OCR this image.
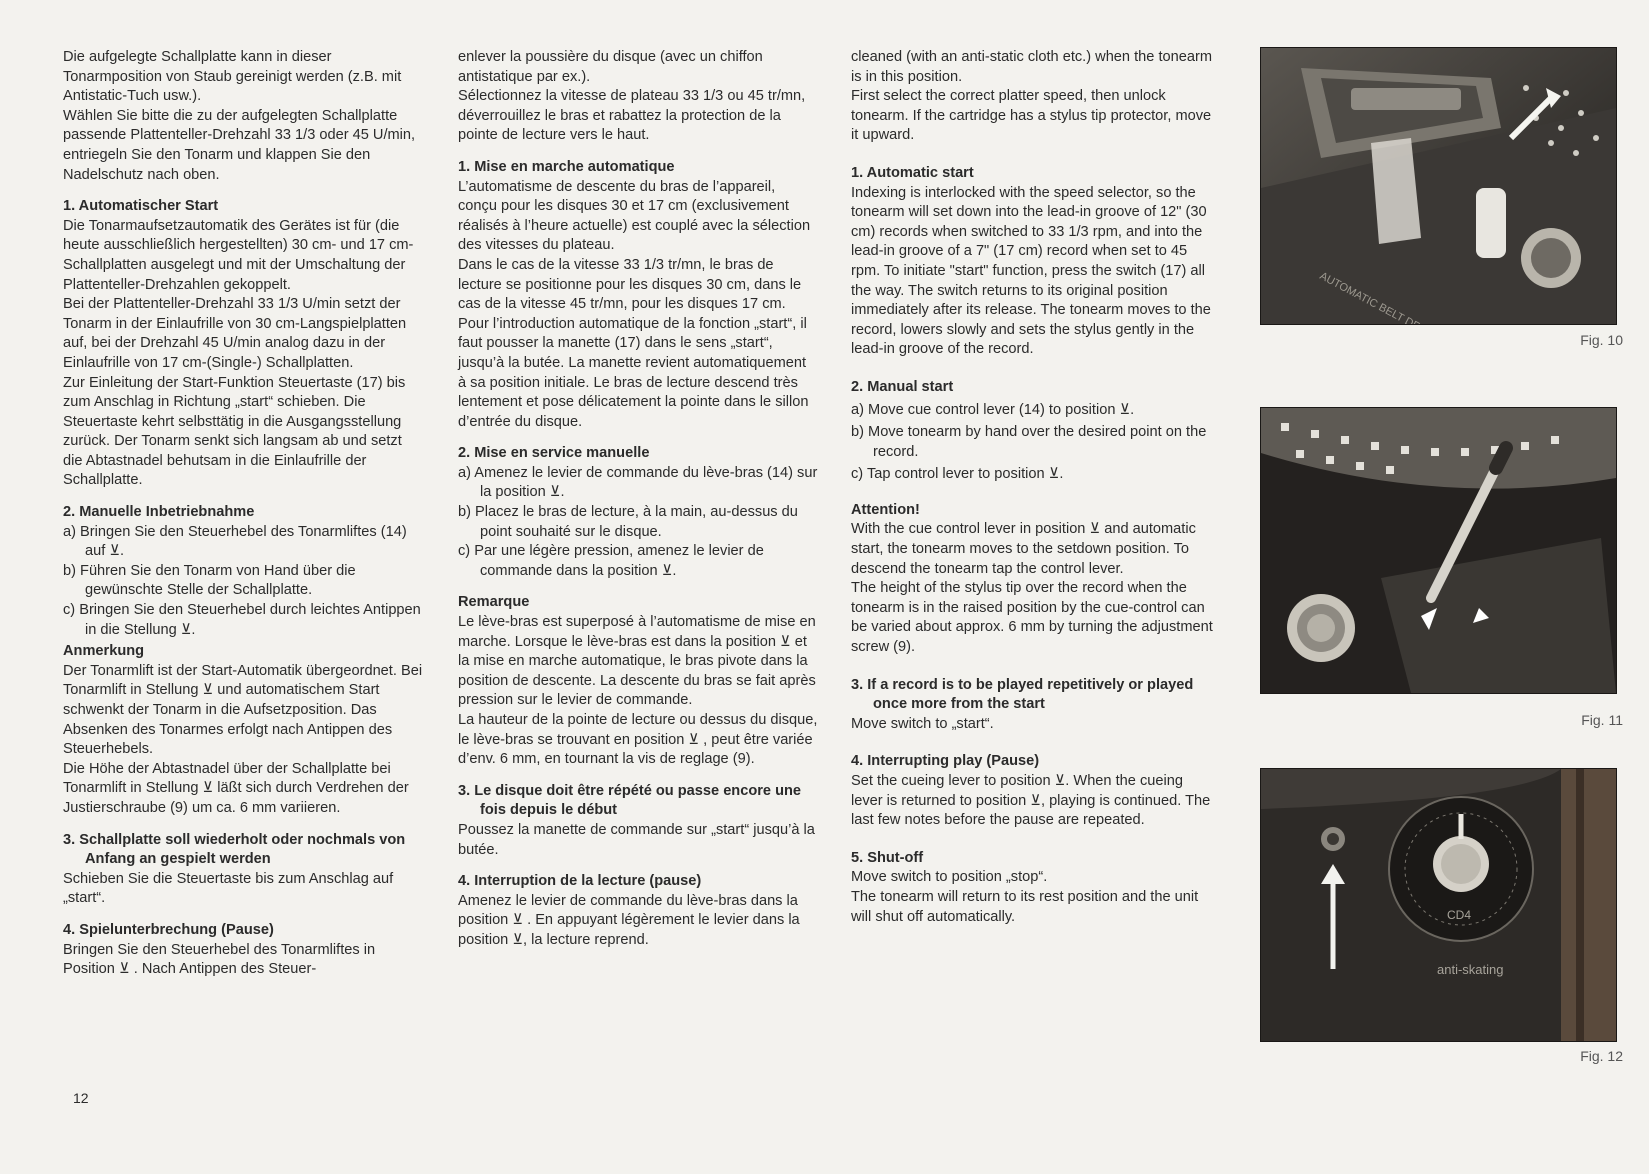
Die aufgelegte Schallplatte kann in dieser Tonarmposition von Staub gereinigt werden (z.B. mit Antistatic-Tuch usw.).

Wählen Sie bitte die zu der aufgelegten Schallplatte passende Plattenteller-Drehzahl 33 1/3 oder 45 U/min, entriegeln Sie den Tonarm und klappen Sie den Nadelschutz nach oben.

1. Automatischer Start

Die Tonarmaufsetzautomatik des Gerätes ist für (die heute ausschließlich hergestellten) 30 cm- und 17 cm-Schallplatten ausgelegt und mit der Umschaltung der Plattenteller-Drehzahlen gekoppelt.

Bei der Plattenteller-Drehzahl 33 1/3 U/min setzt der Tonarm in der Einlaufrille von 30 cm-Langspielplatten auf, bei der Drehzahl 45 U/min analog dazu in der Einlaufrille von 17 cm-(Single-) Schallplatten.

Zur Einleitung der Start-Funktion Steuertaste (17) bis zum Anschlag in Richtung „start“ schieben. Die Steuertaste kehrt selbsttätig in die Ausgangsstellung zurück. Der Tonarm senkt sich langsam ab und setzt die Abtastnadel behutsam in die Einlaufrille der Schallplatte.

2. Manuelle Inbetriebnahme

a) Bringen Sie den Steuerhebel des Tonarmliftes (14) auf ⊻.

b) Führen Sie den Tonarm von Hand über die gewünschte Stelle der Schallplatte.

c) Bringen Sie den Steuerhebel durch leichtes Antippen in die Stellung ⊻.

Anmerkung

Der Tonarmlift ist der Start-Automatik übergeordnet. Bei Tonarmlift in Stellung ⊻ und automatischem Start schwenkt der Tonarm in die Aufsetzposition. Das Absenken des Tonarmes erfolgt nach Antippen des Steuerhebels.

Die Höhe der Abtastnadel über der Schallplatte bei Tonarmlift in Stellung ⊻ läßt sich durch Verdrehen der Justierschraube (9) um ca. 6 mm variieren.

3. Schallplatte soll wiederholt oder nochmals von Anfang an gespielt werden

Schieben Sie die Steuertaste bis zum Anschlag auf „start“.

4. Spielunterbrechung (Pause)

Bringen Sie den Steuerhebel des Tonarmliftes in Position ⊻ . Nach Antippen des Steuer-

enlever la poussière du disque (avec un chiffon antistatique par ex.).

Sélectionnez la vitesse de plateau 33 1/3 ou 45 tr/mn, déverrouillez le bras et rabattez la protection de la pointe de lecture vers le haut.

1. Mise en marche automatique

L’automatisme de descente du bras de l’appareil, conçu pour les disques 30 et 17 cm (exclusivement réalisés à l’heure actuelle) est couplé avec la sélection des vitesses du plateau.

Dans le cas de la vitesse 33 1/3 tr/mn, le bras de lecture se positionne pour les disques 30 cm, dans le cas de la vitesse 45 tr/mn, pour les disques 17 cm. Pour l’introduction automatique de la fonction „start“, il faut pousser la manette (17) dans le sens „start“, jusqu’à la butée. La manette revient automatiquement à sa position initiale. Le bras de lecture descend très lentement et pose délicatement la pointe dans le sillon d’entrée du disque.

2. Mise en service manuelle

a) Amenez le levier de commande du lève-bras (14) sur la position ⊻.

b) Placez le bras de lecture, à la main, au-dessus du point souhaité sur le disque.

c) Par une légère pression, amenez le levier de commande dans la position ⊻.

Remarque

Le lève-bras est superposé à l’automatisme de mise en marche. Lorsque le lève-bras est dans la position ⊻ et la mise en marche automatique, le bras pivote dans la position de descente. La descente du bras se fait après pression sur le levier de commande.

La hauteur de la pointe de lecture ou dessus du disque, le lève-bras se trouvant en position ⊻ , peut être variée d’env. 6 mm, en tournant la vis de reglage (9).

3. Le disque doit être répété ou passe encore une fois depuis le début

Poussez la manette de commande sur „start“ jusqu’à la butée.

4. Interruption de la lecture (pause)

Amenez le levier de commande du lève-bras dans la position ⊻ . En appuyant légèrement le levier dans la position ⊻, la lecture reprend.

cleaned (with an anti-static cloth etc.) when the tonearm is in this position.

First select the correct platter speed, then unlock tonearm. If the cartridge has a stylus tip protector, move it upward.

1. Automatic start

Indexing is interlocked with the speed selector, so the tonearm will set down into the lead-in groove of 12" (30 cm) records when switched to 33 1/3 rpm, and into the lead-in groove of a 7" (17 cm) record when set to 45 rpm. To initiate "start" function, press the switch (17) all the way. The switch returns to its original position immediately after its release. The tonearm moves to the record, lowers slowly and sets the stylus gently in the lead-in groove of the record.

2. Manual start

a) Move cue control lever (14) to position ⊻.

b) Move tonearm by hand over the desired point on the record.

c) Tap control lever to position ⊻.

Attention!

With the cue control lever in position ⊻ and automatic start, the tonearm moves to the setdown position. To descend the tonearm tap the control lever.

The height of the stylus tip over the record when the tonearm is in the raised position by the cue-control can be varied about approx. 6 mm by turning the adjustment screw (9).

3. If a record is to be played repetitively or played once more from the start

Move switch to „start“.

4. Interrupting play (Pause)

Set the cueing lever to position ⊻. When the cueing lever is returned to position ⊻, playing is continued. The last few notes before the pause are repeated.

5. Shut-off

Move switch to position „stop“.

The tonearm will return to its rest position and the unit will shut off automatically.

12
Fig. 10
Fig. 11
CD4
anti-skating
Fig. 12
